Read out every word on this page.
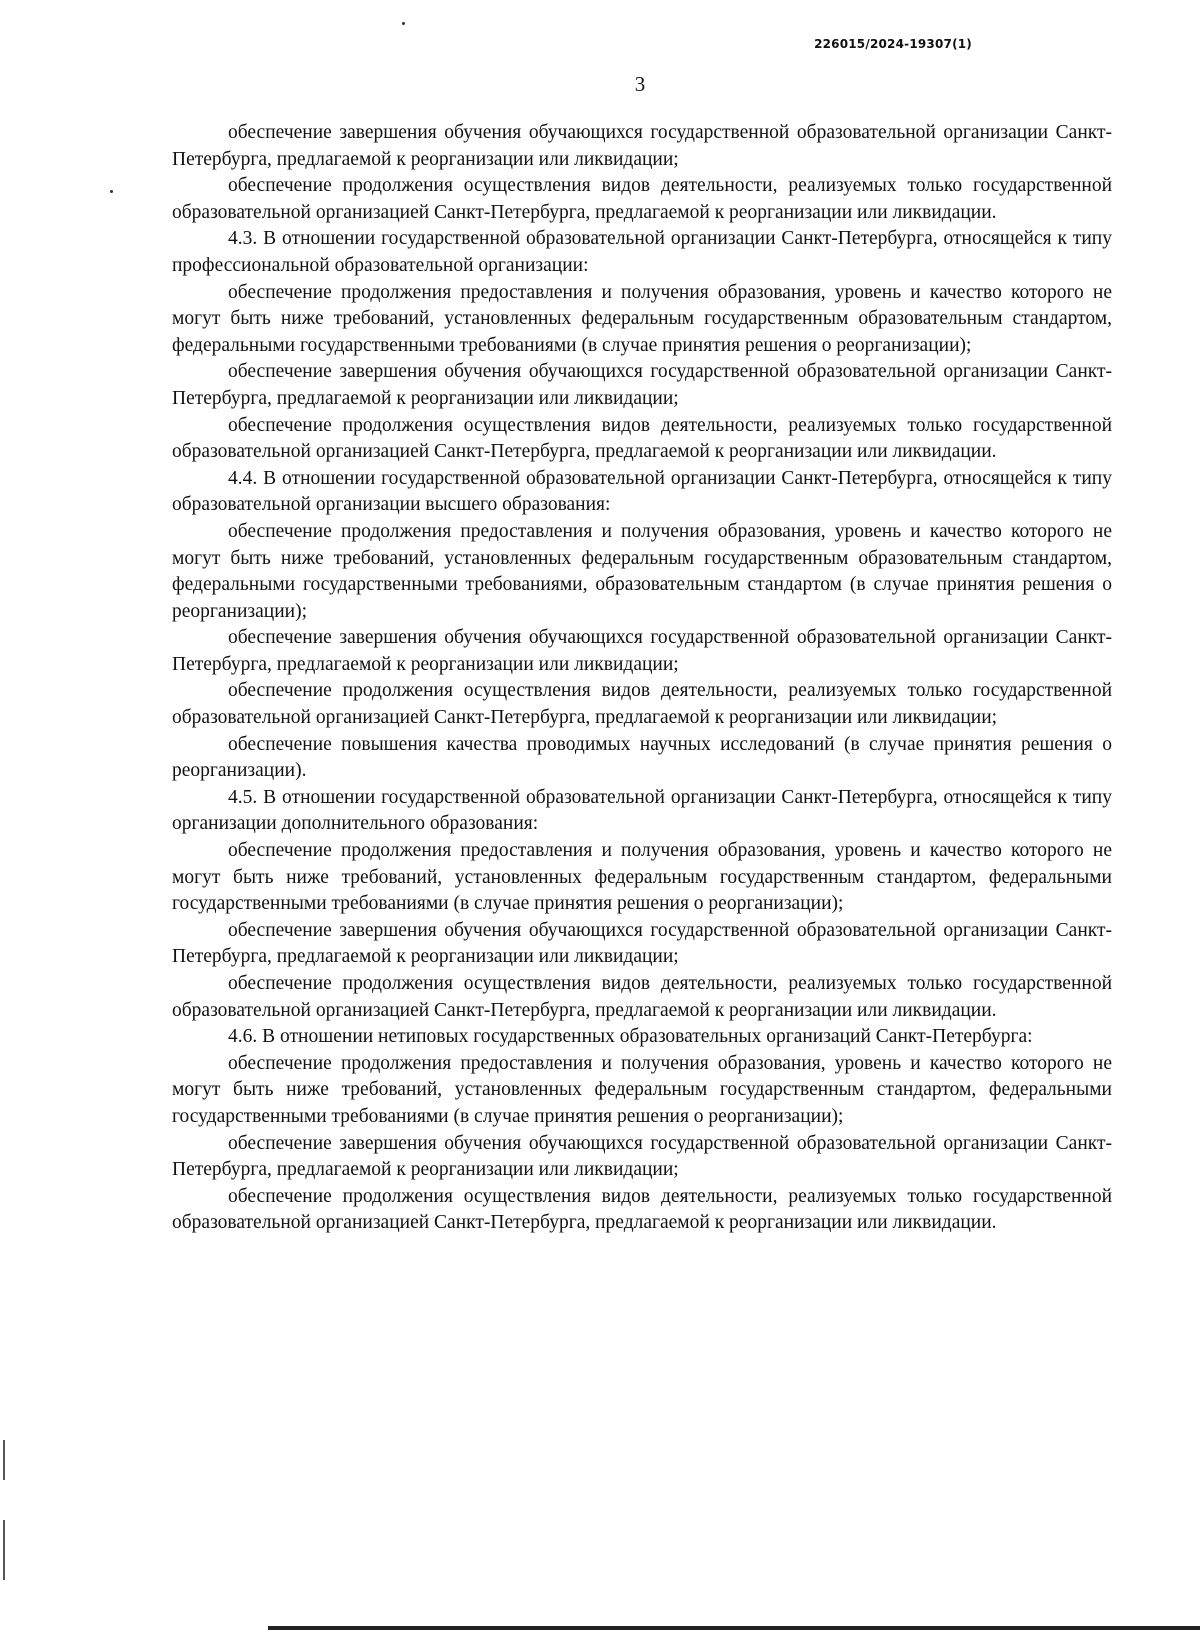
226015/2024-19307(1)
3

обеспечение завершения обучения обучающихся государственной образовательной организации Санкт-Петербурга, предлагаемой к реорганизации или ликвидации;

обеспечение продолжения осуществления видов деятельности, реализуемых только государственной образовательной организацией Санкт-Петербурга, предлагаемой к реорганизации или ликвидации.

4.3. В отношении государственной образовательной организации Санкт-Петербурга, относящейся к типу профессиональной образовательной организации:

обеспечение продолжения предоставления и получения образования, уровень и качество которого не могут быть ниже требований, установленных федеральным государственным образовательным стандартом, федеральными государственными требованиями (в случае принятия решения о реорганизации);

обеспечение завершения обучения обучающихся государственной образовательной организации Санкт-Петербурга, предлагаемой к реорганизации или ликвидации;

обеспечение продолжения осуществления видов деятельности, реализуемых только государственной образовательной организацией Санкт-Петербурга, предлагаемой к реорганизации или ликвидации.

4.4. В отношении государственной образовательной организации Санкт-Петербурга, относящейся к типу образовательной организации высшего образования:

обеспечение продолжения предоставления и получения образования, уровень и качество которого не могут быть ниже требований, установленных федеральным государственным образовательным стандартом, федеральными государственными требованиями, образовательным стандартом (в случае принятия решения о реорганизации);

обеспечение завершения обучения обучающихся государственной образовательной организации Санкт-Петербурга, предлагаемой к реорганизации или ликвидации;

обеспечение продолжения осуществления видов деятельности, реализуемых только государственной образовательной организацией Санкт-Петербурга, предлагаемой к реорганизации или ликвидации;

обеспечение повышения качества проводимых научных исследований (в случае принятия решения о реорганизации).

4.5. В отношении государственной образовательной организации Санкт-Петербурга, относящейся к типу организации дополнительного образования:

обеспечение продолжения предоставления и получения образования, уровень и качество которого не могут быть ниже требований, установленных федеральным государственным стандартом, федеральными государственными требованиями (в случае принятия решения о реорганизации);

обеспечение завершения обучения обучающихся государственной образовательной организации Санкт-Петербурга, предлагаемой к реорганизации или ликвидации;

обеспечение продолжения осуществления видов деятельности, реализуемых только государственной образовательной организацией Санкт-Петербурга, предлагаемой к реорганизации или ликвидации.

4.6. В отношении нетиповых государственных образовательных организаций Санкт-Петербурга:

обеспечение продолжения предоставления и получения образования, уровень и качество которого не могут быть ниже требований, установленных федеральным государственным стандартом, федеральными государственными требованиями (в случае принятия решения о реорганизации);

обеспечение завершения обучения обучающихся государственной образовательной организации Санкт-Петербурга, предлагаемой к реорганизации или ликвидации;

обеспечение продолжения осуществления видов деятельности, реализуемых только государственной образовательной организацией Санкт-Петербурга, предлагаемой к реорганизации или ликвидации.
